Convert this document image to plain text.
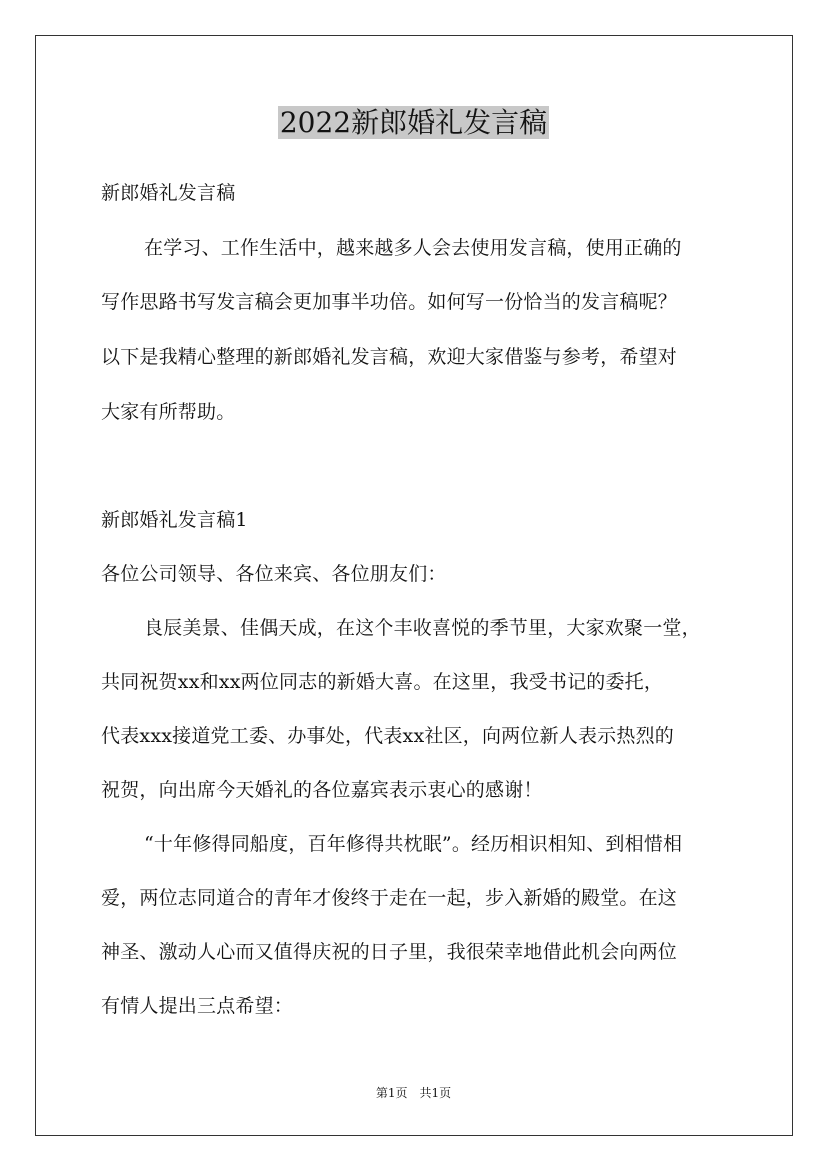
2022新郎婚礼发言稿
新郎婚礼发言稿
在学习、工作生活中，越来越多人会去使用发言稿，使用正确的
写作思路书写发言稿会更加事半功倍。如何写一份恰当的发言稿呢？
以下是我精心整理的新郎婚礼发言稿，欢迎大家借鉴与参考，希望对
大家有所帮助。
新郎婚礼发言稿1
各位公司领导、各位来宾、各位朋友们：
良辰美景、佳偶天成，在这个丰收喜悦的季节里，大家欢聚一堂，
共同祝贺xx和xx两位同志的新婚大喜。在这里，我受书记的委托，
代表xxx接道党工委、办事处，代表xx社区，向两位新人表示热烈的
祝贺，向出席今天婚礼的各位嘉宾表示衷心的感谢！
“十年修得同船度，百年修得共枕眠”。经历相识相知、到相惜相
爱，两位志同道合的青年才俊终于走在一起，步入新婚的殿堂。在这
神圣、激动人心而又值得庆祝的日子里，我很荣幸地借此机会向两位
有情人提出三点希望：
第1页　共1页
